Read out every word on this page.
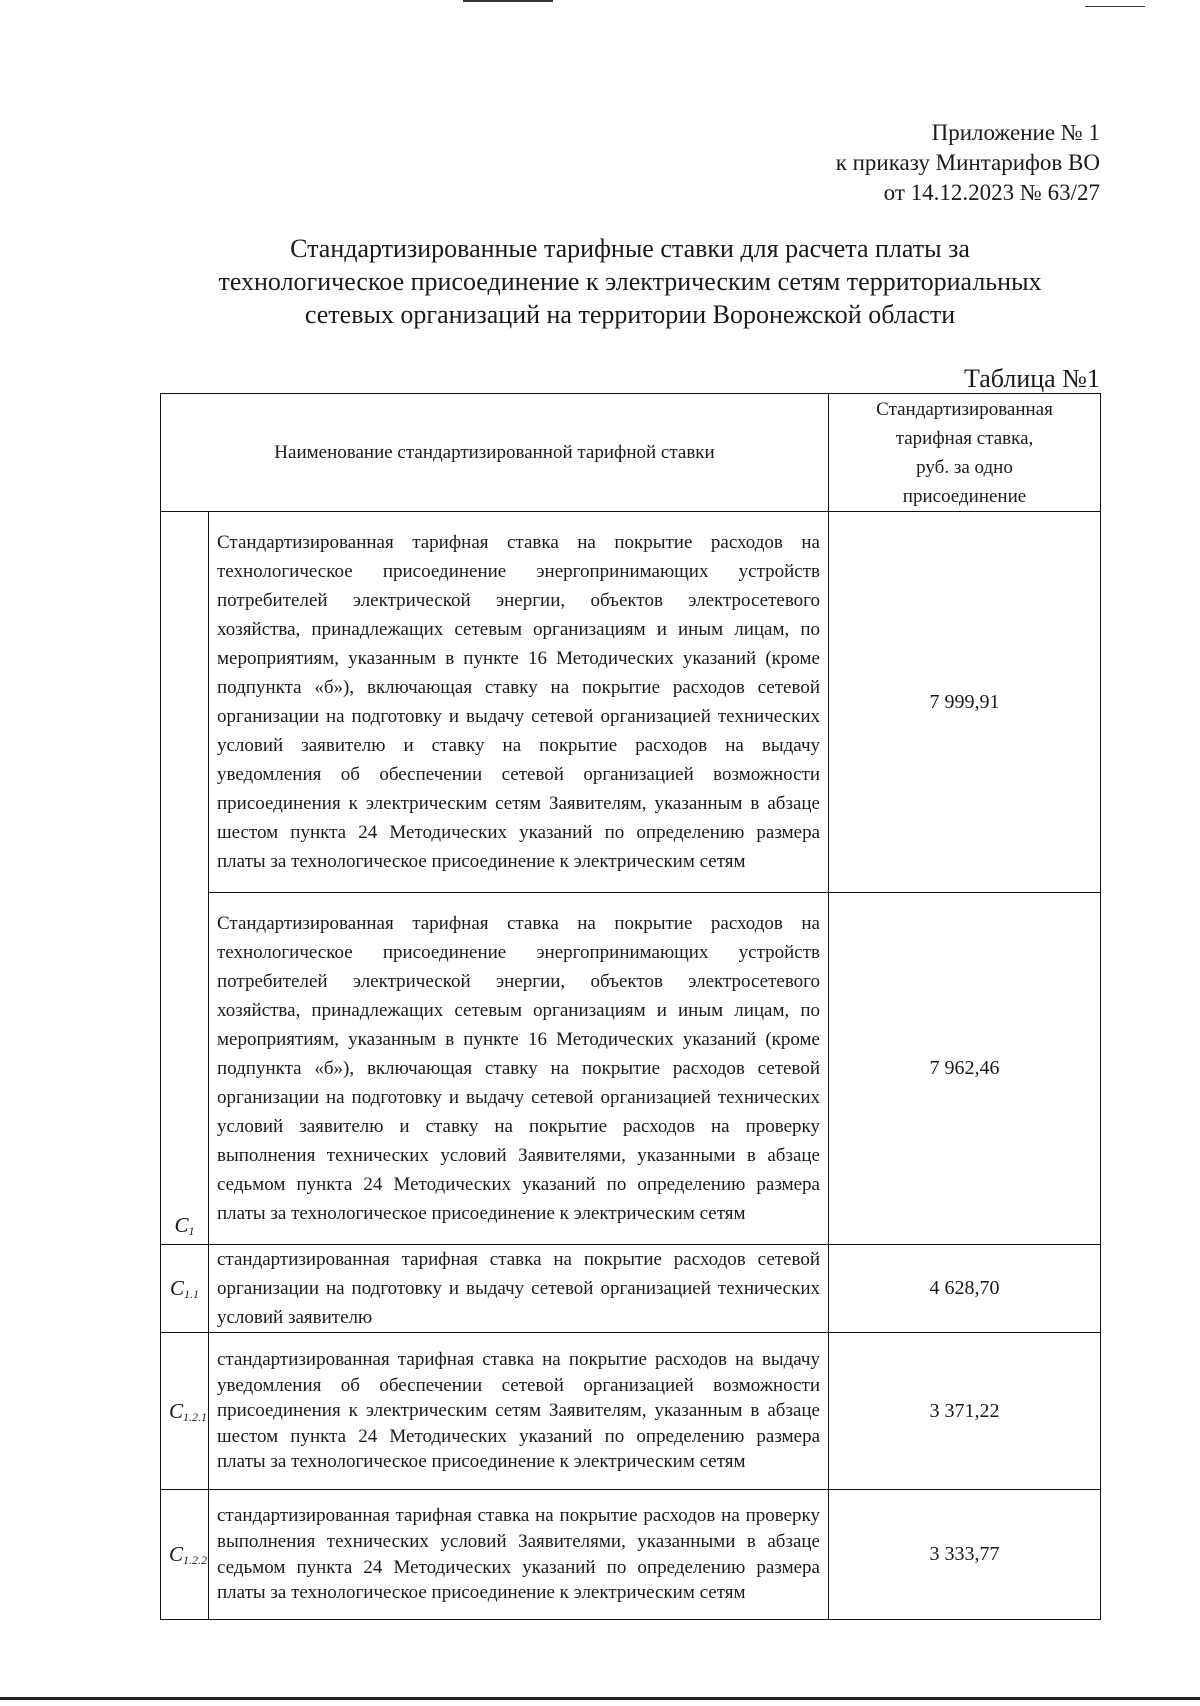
Приложение № 1
к приказу Минтарифов ВО
от 14.12.2023 № 63/27
Стандартизированные тарифные ставки для расчета платы за
технологическое присоединение к электрическим сетям территориальных
сетевых организаций на территории Воронежской области
Таблица №1
Наименование стандартизированной тарифной ставки		Стандартизированная
тарифная ставка,
руб. за одно
присоединение

C1	Стандартизированная тарифная ставка на покрытие расходов на технологическое присоединение энергопринимающих устройств потребителей электрической энергии, объектов электросетевого хозяйства, принадлежащих сетевым организациям и иным лицам, по мероприятиям, указанным в пункте 16 Методических указаний (кроме подпункта «б»), включающая ставку на покрытие расходов сетевой организации на подготовку и выдачу сетевой организацией технических условий заявителю и ставку на покрытие расходов на выдачу уведомления об обеспечении сетевой организацией возможности присоединения к электрическим сетям Заявителям, указанным в абзаце шестом пункта 24 Методических указаний по определению размера платы за технологическое присоединение к электрическим сетям	7 999,91
	Стандартизированная тарифная ставка на покрытие расходов на технологическое присоединение энергопринимающих устройств потребителей электрической энергии, объектов электросетевого хозяйства, принадлежащих сетевым организациям и иным лицам, по мероприятиям, указанным в пункте 16 Методических указаний (кроме подпункта «б»), включающая ставку на покрытие расходов сетевой организации на подготовку и выдачу сетевой организацией технических условий заявителю и ставку на покрытие расходов на проверку выполнения технических условий Заявителями, указанными в абзаце седьмом пункта 24 Методических указаний по определению размера платы за технологическое присоединение к электрическим сетям	7 962,46
C1.1	стандартизированная тарифная ставка на покрытие расходов сетевой организации на подготовку и выдачу сетевой организацией технических условий заявителю	4 628,70
C1.2.1	стандартизированная тарифная ставка на покрытие расходов на выдачу уведомления об обеспечении сетевой организацией возможности присоединения к электрическим сетям Заявителям, указанным в абзаце шестом пункта 24 Методических указаний по определению размера платы за технологическое присоединение к электрическим сетям	3 371,22
C1.2.2	стандартизированная тарифная ставка на покрытие расходов на проверку выполнения технических условий Заявителями, указанными в абзаце седьмом пункта 24 Методических указаний по определению размера платы за технологическое присоединение к электрическим сетям	3 333,77
